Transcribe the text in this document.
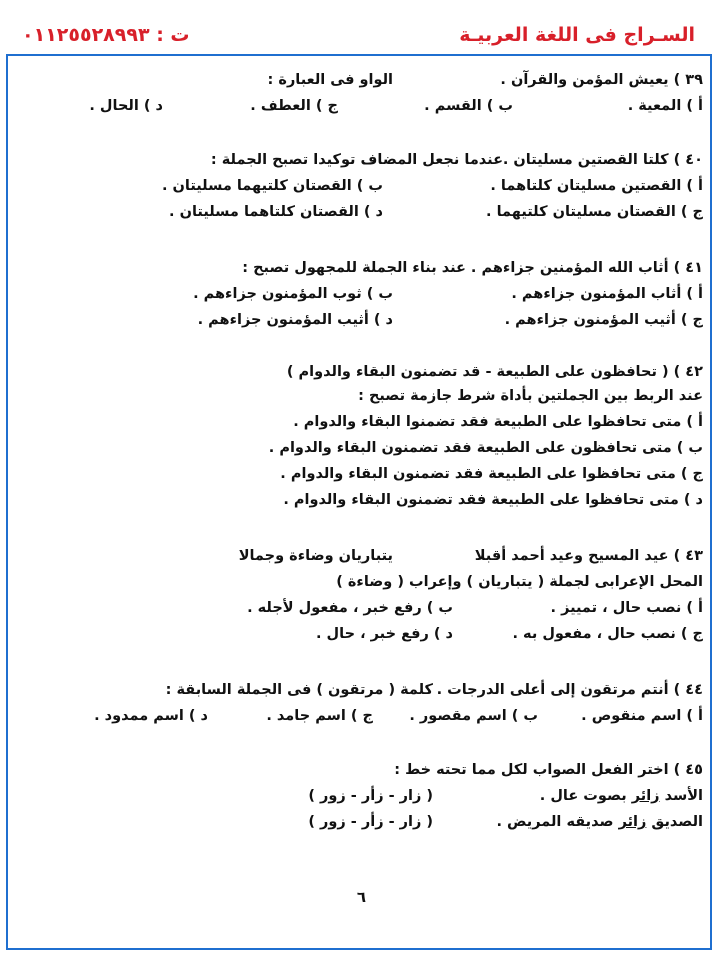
السـراج فى اللغة العربيـة
ت : ٠١١٢٥٥٢٨٩٩٣
٣٩ ) يعيش المؤمن والقرآن .
الواو فى العبارة :
أ ) المعية .
ب ) القسم .
ج ) العطف .
د ) الحال .
٤٠ ) كلتا القصتين مسليتان .
عندما نجعل المضاف توكيدا تصبح الجملة :
أ ) القصتين مسليتان كلتاهما .
ب ) القصتان كلتيهما مسليتان .
ج ) القصتان مسليتان كلتيهما .
د ) القصتان كلتاهما مسليتان .
٤١ ) أثاب الله المؤمنين جزاءهم . عند بناء الجملة للمجهول تصبح :
أ ) أثاب المؤمنون جزاءهم .
ب ) ثوب المؤمنون جزاءهم .
ج ) أثيب المؤمنون جزاءهم .
د ) أثيب المؤمنون جزاءهم .
٤٢ ) ( تحافظون على الطبيعة - قد تضمنون البقاء والدوام )
عند الربط بين الجملتين بأداة شرط جازمة تصبح :
أ ) متى تحافظوا على الطبيعة فقد تضمنوا البقاء والدوام .
ب ) متى تحافظون على الطبيعة فقد تضمنون البقاء والدوام .
ج ) متى تحافظوا على الطبيعة فقد تضمنون البقاء والدوام .
د ) متى تحافظوا على الطبيعة فقد تضمنون البقاء والدوام .
٤٣ ) عيد المسيح وعيد أحمد أقبلا
يتباريان وضاءة وجمالا
المحل الإعرابى لجملة ( يتباريان ) وإعراب ( وضاءة )
أ ) نصب حال ، تمييز .
ب ) رفع خبر ، مفعول لأجله .
ج ) نصب حال ، مفعول به .
د ) رفع خبر ، حال .
٤٤ ) أنتم مرتقون إلى أعلى الدرجات .
كلمة ( مرتقون ) فى الجملة السابقة :
أ ) اسم منقوص .
ب ) اسم مقصور .
ج ) اسم جامد .
د ) اسم ممدود .
٤٥ ) اختر الفعل الصواب لكل مما تحته خط :
الأسد زائر بصوت عال .
( زار - زأر - زور )
الصديق زائر صديقه المريض .
( زار - زأر - زور )
٦
